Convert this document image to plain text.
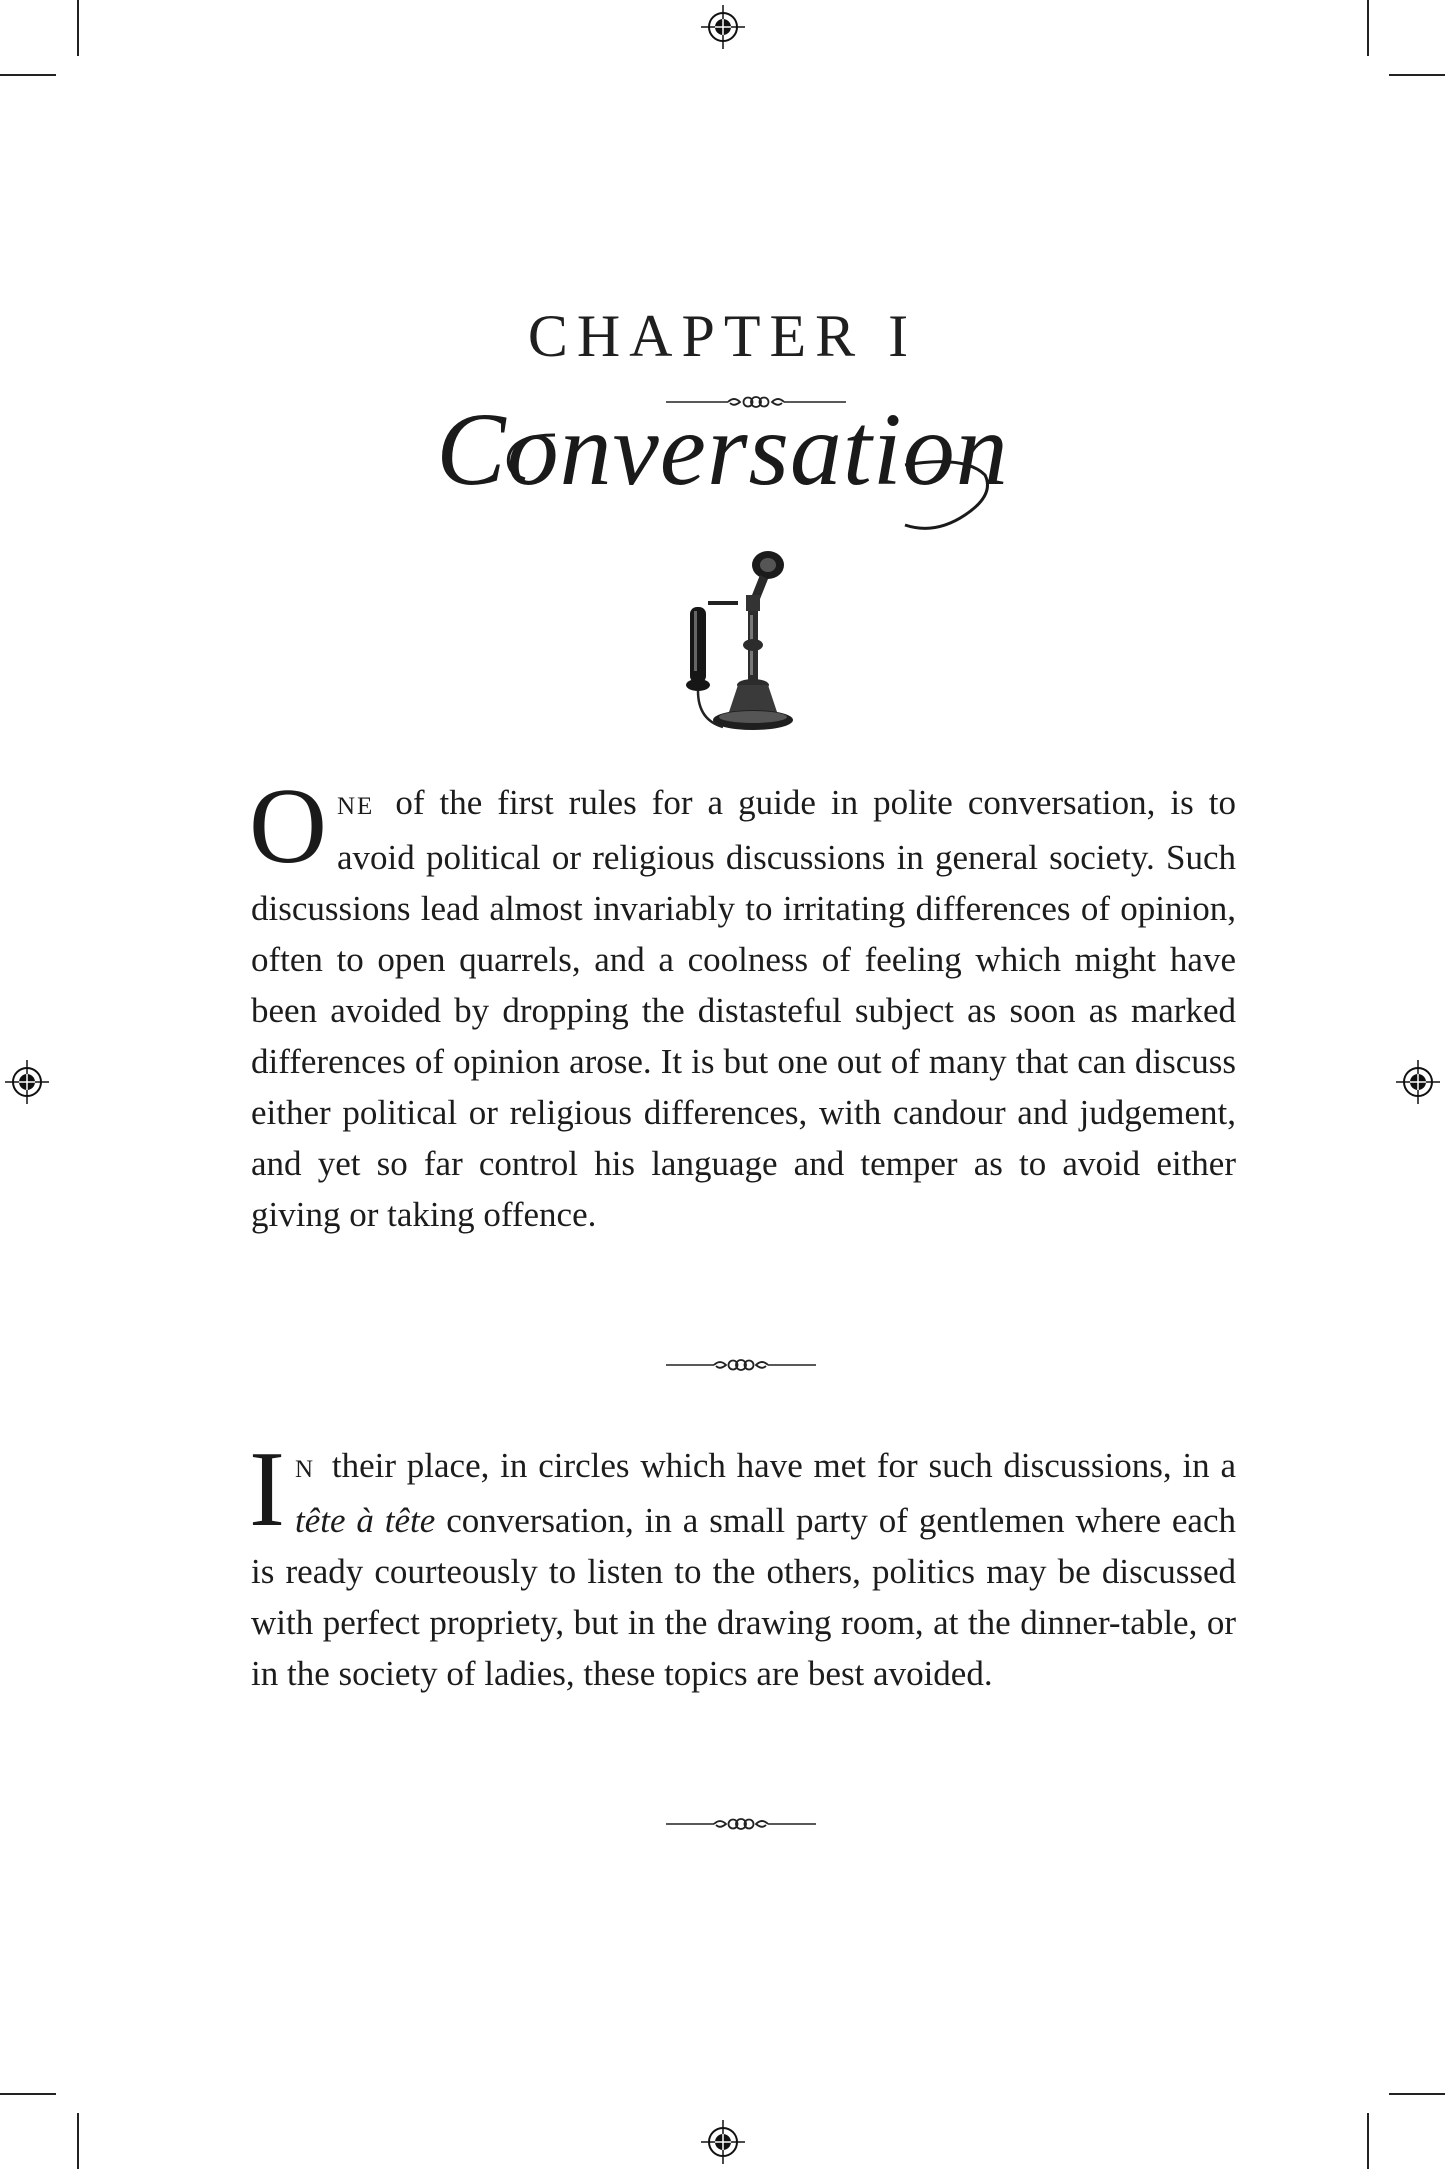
CHAPTER I
Conversation
ONE of the first rules for a guide in polite conversation, is to avoid political or religious discussions in general society. Such discussions lead almost invariably to irritating differences of opinion, often to open quarrels, and a coolness of feeling which might have been avoided by dropping the distasteful subject as soon as marked differences of opinion arose. It is but one out of many that can discuss either political or religious differences, with candour and judgement, and yet so far control his language and temper as to avoid either giving or taking offence.
I N their place, in circles which have met for such discussions, in a tête à tête conversation, in a small party of gentlemen where each is ready courteously to listen to the others, politics may be discussed with perfect propriety, but in the drawing room, at the dinner-table, or in the society of ladies, these topics are best avoided.
